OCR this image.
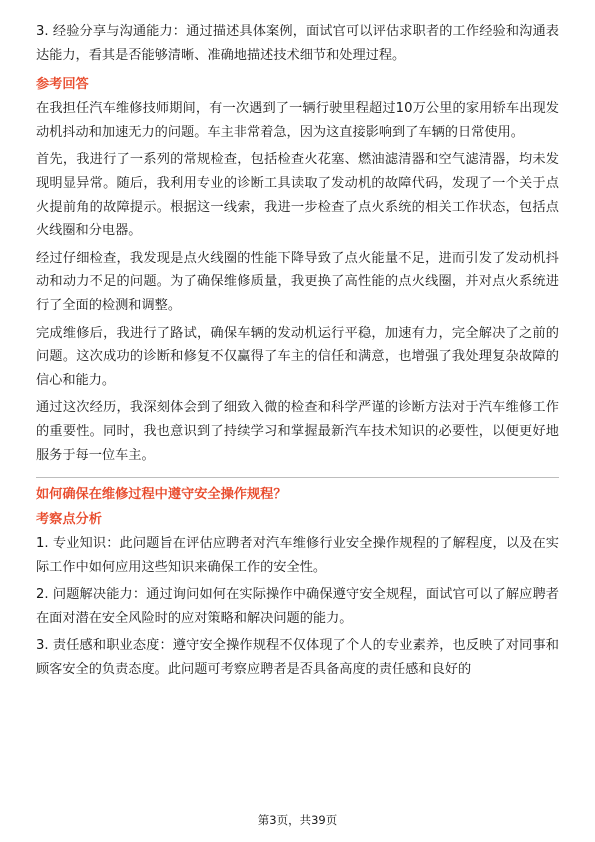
3. 经验分享与沟通能力：通过描述具体案例，面试官可以评估求职者的工作经验和沟通表达能力，看其是否能够清晰、准确地描述技术细节和处理过程。

参考回答

在我担任汽车维修技师期间，有一次遇到了一辆行驶里程超过10万公里的家用轿车出现发动机抖动和加速无力的问题。车主非常着急，因为这直接影响到了车辆的日常使用。

首先，我进行了一系列的常规检查，包括检查火花塞、燃油滤清器和空气滤清器，均未发现明显异常。随后，我利用专业的诊断工具读取了发动机的故障代码，发现了一个关于点火提前角的故障提示。根据这一线索，我进一步检查了点火系统的相关工作状态，包括点火线圈和分电器。

经过仔细检查，我发现是点火线圈的性能下降导致了点火能量不足，进而引发了发动机抖动和动力不足的问题。为了确保维修质量，我更换了高性能的点火线圈，并对点火系统进行了全面的检测和调整。

完成维修后，我进行了路试，确保车辆的发动机运行平稳，加速有力，完全解决了之前的问题。这次成功的诊断和修复不仅赢得了车主的信任和满意，也增强了我处理复杂故障的信心和能力。

通过这次经历，我深刻体会到了细致入微的检查和科学严谨的诊断方法对于汽车维修工作的重要性。同时，我也意识到了持续学习和掌握最新汽车技术知识的必要性，以便更好地服务于每一位车主。

如何确保在维修过程中遵守安全操作规程？
考察点分析

1. 专业知识：此问题旨在评估应聘者对汽车维修行业安全操作规程的了解程度，以及在实际工作中如何应用这些知识来确保工作的安全性。

2. 问题解决能力：通过询问如何在实际操作中确保遵守安全规程，面试官可以了解应聘者在面对潜在安全风险时的应对策略和解决问题的能力。

3. 责任感和职业态度：遵守安全操作规程不仅体现了个人的专业素养，也反映了对同事和顾客安全的负责态度。此问题可考察应聘者是否具备高度的责任感和良好的

第3页，共39页
